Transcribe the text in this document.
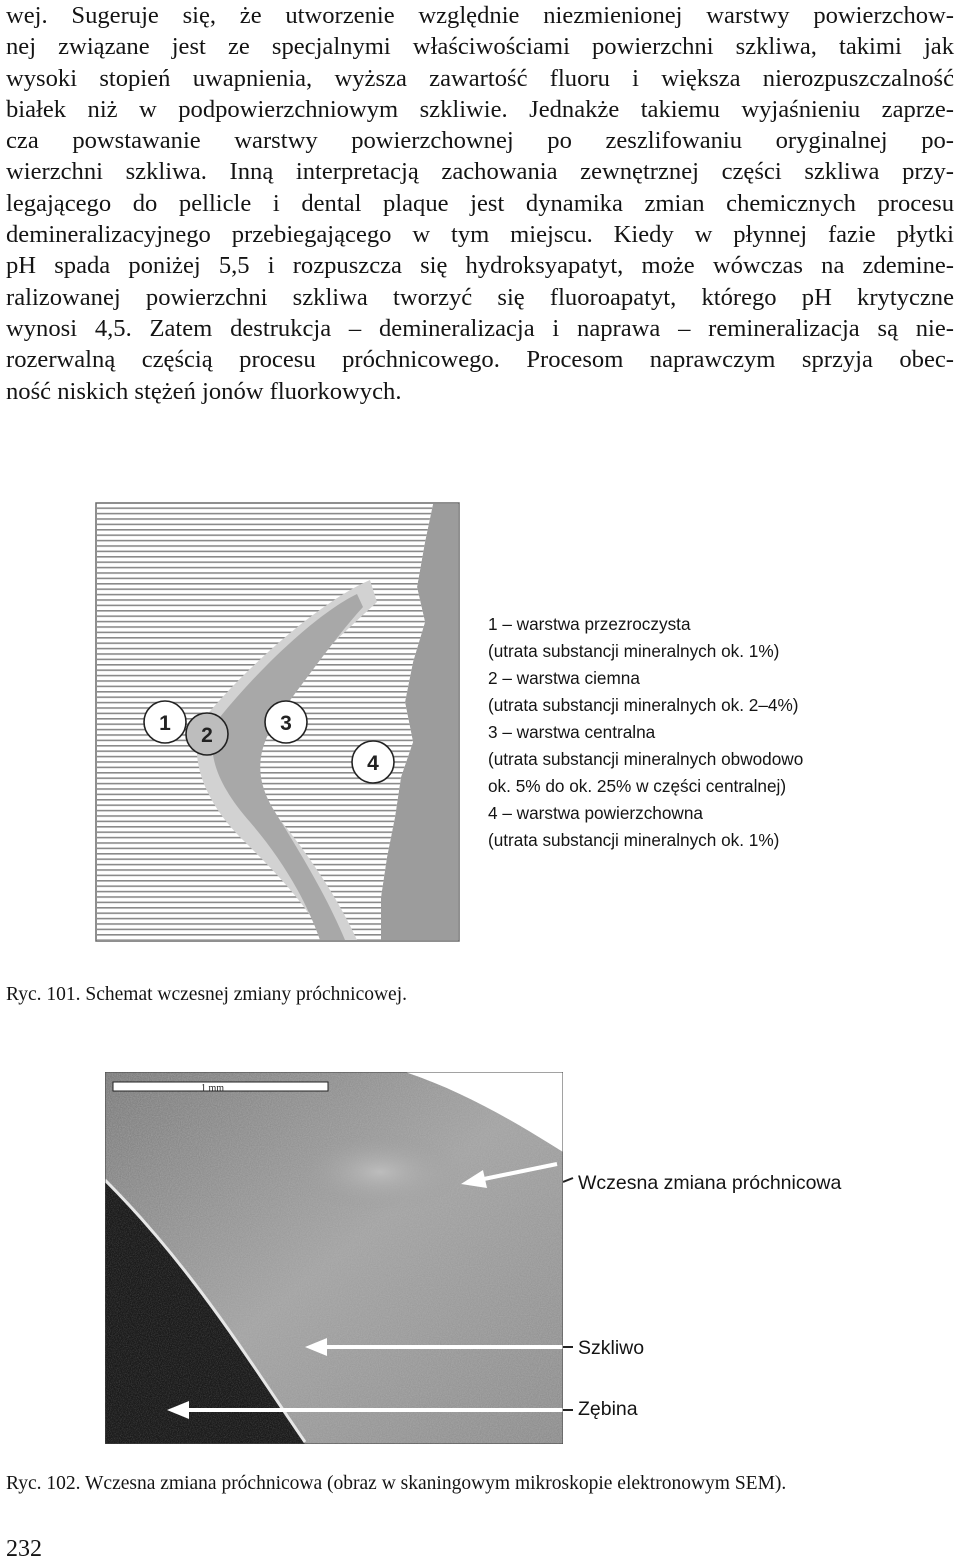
wej. Sugeruje się, że utworzenie względnie niezmienionej warstwy powierzchow-
nej związane jest ze specjalnymi właściwościami powierzchni szkliwa, takimi jak
wysoki stopień uwapnienia, wyższa zawartość fluoru i większa nierozpuszczalność
białek niż w podpowierzchniowym szkliwie. Jednakże takiemu wyjaśnieniu zaprze-
cza powstawanie warstwy powierzchownej po zeszlifowaniu oryginalnej po-
wierzchni szkliwa. Inną interpretacją zachowania zewnętrznej części szkliwa przy-
legającego do pellicle i dental plaque jest dynamika zmian chemicznych procesu
demineralizacyjnego przebiegającego w tym miejscu. Kiedy w płynnej fazie płytki
pH spada poniżej 5,5 i rozpuszcza się hydroksyapatyt, może wówczas na zdemine-
ralizowanej powierzchni szkliwa tworzyć się fluoroapatyt, którego pH krytyczne
wynosi 4,5. Zatem destrukcja – demineralizacja i naprawa – remineralizacja są nie-
rozerwalną częścią procesu próchnicowego. Procesom naprawczym sprzyja obec-
ność niskich stężeń jonów fluorkowych.
1
2
3
4
1 – warstwa przezroczysta
(utrata substancji mineralnych ok. 1%)
2 – warstwa ciemna
(utrata substancji mineralnych ok. 2–4%)
3 – warstwa centralna
(utrata substancji mineralnych obwodowo
ok. 5% do ok. 25% w części centralnej)
4 – warstwa powierzchowna
(utrata substancji mineralnych ok. 1%)
Ryc. 101. Schemat wczesnej zmiany próchnicowej.
1 mm
Wczesna zmiana próchnicowa
Szkliwo
Zębina
Ryc. 102. Wczesna zmiana próchnicowa (obraz w skaningowym mikroskopie elektronowym SEM).
232
